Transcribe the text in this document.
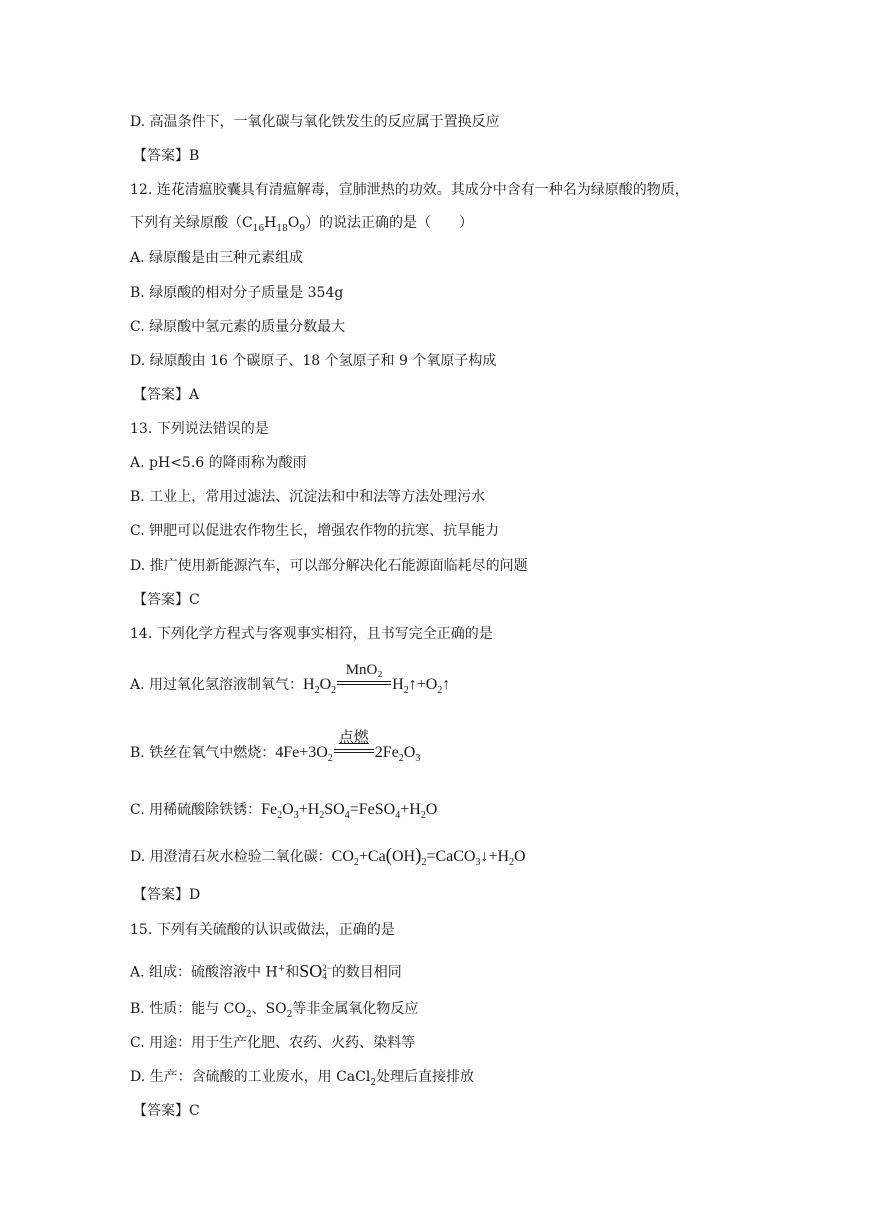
D. 高温条件下，一氧化碳与氧化铁发生的反应属于置换反应
【答案】B
12. 连花清瘟胶囊具有清瘟解毒，宣肺泄热的功效。其成分中含有一种名为绿原酸的物质，
下列有关绿原酸$(C_{16}H_{18}O_9)$的说法正确的是（　　）
A. 绿原酸是由三种元素组成
B. 绿原酸的相对分子质量是 354g
C. 绿原酸中氢元素的质量分数最大
D. 绿原酸由 16 个碳原子、18 个氢原子和 9 个氧原子构成
【答案】A
13. 下列说法错误的是
A. pH<5.6 的降雨称为酸雨
B. 工业上，常用过滤法、沉淀法和中和法等方法处理污水
C. 钾肥可以促进农作物生长，增强农作物的抗寒、抗旱能力
D. 推广使用新能源汽车，可以部分解决化石能源面临耗尽的问题
【答案】C
14. 下列化学方程式与客观事实相符，且书写完全正确的是
A. 用过氧化氢溶液制氧气：$H_2O_2$
MnO₂
$H_2↑+O_2↑$
B. 铁丝在氧气中燃烧：$4Fe+3O_2$
点燃
$2Fe_2O_3$
C. 用稀硫酸除铁锈：$Fe_2O_3+H_2SO_4=FeSO_4+H_2O$
D. 用澄清石灰水检验二氧化碳：$CO_2+Ca(OH)_2=CaCO_3↓+H_2O$
【答案】D
15. 下列有关硫酸的认识或做法，正确的是
A. 组成：硫酸溶液中 H+和SO 2−
4 的数目相同
B. 性质：能与 $CO_2$、$SO_2$等非金属氧化物反应
C. 用途：用于生产化肥、农药、火药、染料等
D. 生产：含硫酸的工业废水，用 CaCl$_2$处理后直接排放
【答案】C
